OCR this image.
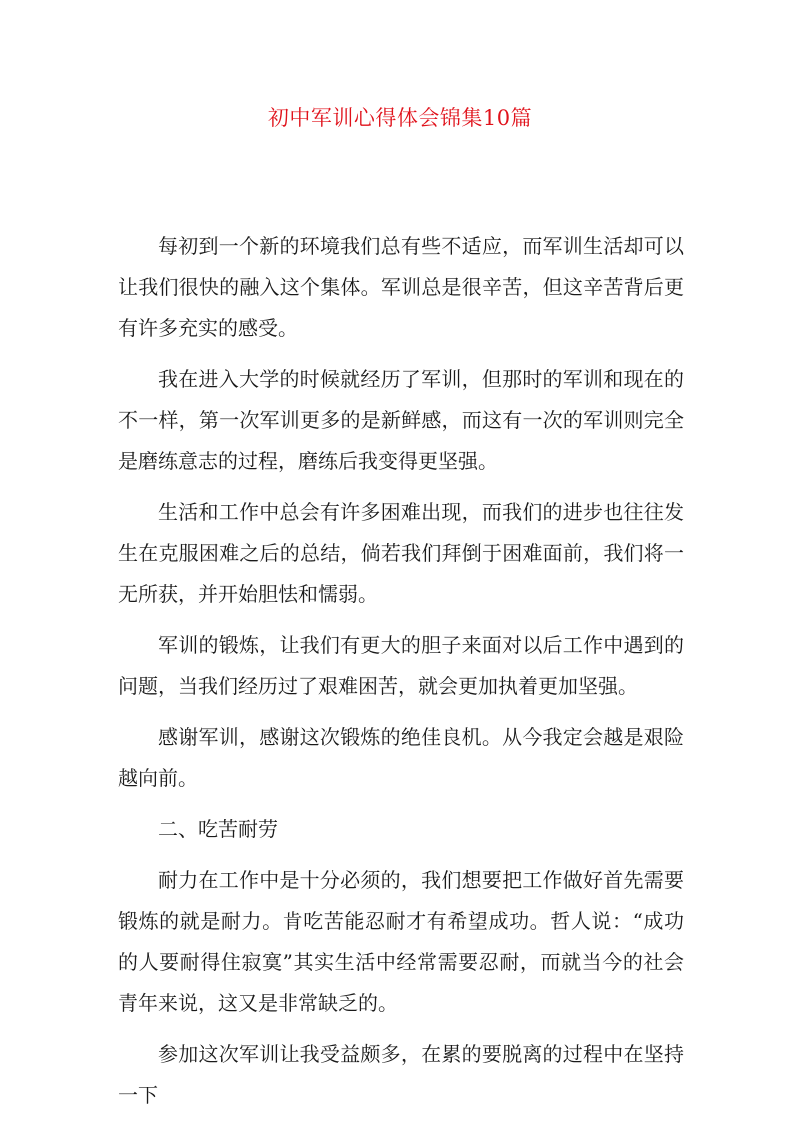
初中军训心得体会锦集10篇

每初到一个新的环境我们总有些不适应，而军训生活却可以让我们很快的融入这个集体。军训总是很辛苦，但这辛苦背后更有许多充实的感受。

我在进入大学的时候就经历了军训，但那时的军训和现在的不一样，第一次军训更多的是新鲜感，而这有一次的军训则完全是磨练意志的过程，磨练后我变得更坚强。

生活和工作中总会有许多困难出现，而我们的进步也往往发生在克服困难之后的总结，倘若我们拜倒于困难面前，我们将一无所获，并开始胆怯和懦弱。

军训的锻炼，让我们有更大的胆子来面对以后工作中遇到的问题，当我们经历过了艰难困苦，就会更加执着更加坚强。

感谢军训，感谢这次锻炼的绝佳良机。从今我定会越是艰险越向前。

二、吃苦耐劳

耐力在工作中是十分必须的，我们想要把工作做好首先需要锻炼的就是耐力。肯吃苦能忍耐才有希望成功。哲人说：“成功的人要耐得住寂寞”其实生活中经常需要忍耐，而就当今的社会青年来说，这又是非常缺乏的。

参加这次军训让我受益颇多，在累的要脱离的过程中在坚持一下
